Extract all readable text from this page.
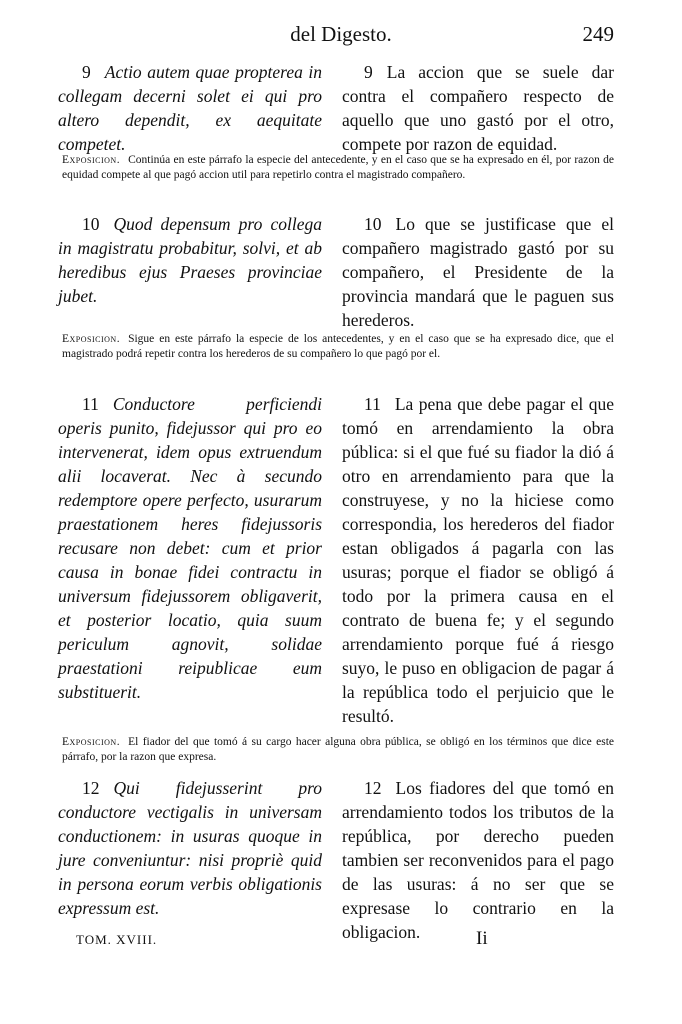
del Digesto.	249
9 Actio autem quae propterea in collegam decerni solet ei qui pro altero dependit, ex aequitate competet.
9 La accion que se suele dar contra el compañero respecto de aquello que uno gastó por el otro, compete por razon de equidad.
Exposicion. Continúa en este párrafo la especie del antecedente, y en el caso que se ha expresado en él, por razon de equidad compete al que pagó accion util para repetirlo contra el magistrado compañero.
10 Quod depensum pro collega in magistratu probabitur, solvi, et ab heredibus ejus Praeses provinciae jubet.
10 Lo que se justificase que el compañero magistrado gastó por su compañero, el Presidente de la provincia mandará que le paguen sus herederos.
Exposicion. Sigue en este párrafo la especie de los antecedentes, y en el caso que se ha expresado dice, que el magistrado podrá repetir contra los herederos de su compañero lo que pagó por el.
11 Conductore perficiendi operis punito, fidejussor qui pro eo intervenerat, idem opus extruendum alii locaverat. Nec à secundo redemptore opere perfecto, usurarum praestationem heres fidejussoris recusare non debet: cum et prior causa in bonae fidei contractu in universum fidejussorem obligaverit, et posterior locatio, quia suum periculum agnovit, solidae praestationi reipublicae eum substituerit.
11 La pena que debe pagar el que tomó en arrendamiento la obra pública: si el que fué su fiador la dió á otro en arrendamiento para que la construyese, y no la hiciese como correspondia, los herederos del fiador estan obligados á pagarla con las usuras; porque el fiador se obligó á todo por la primera causa en el contrato de buena fe; y el segundo arrendamiento porque fué á riesgo suyo, le puso en obligacion de pagar á la república todo el perjuicio que le resultó.
Exposicion. El fiador del que tomó á su cargo hacer alguna obra pública, se obligó en los términos que dice este párrafo, por la razon que expresa.
12 Qui fidejusserint pro conductore vectigalis in universam conductionem: in usuras quoque in jure conveniuntur: nisi propriè quid in persona eorum verbis obligationis expressum est.
12 Los fiadores del que tomó en arrendamiento todos los tributos de la república, por derecho pueden tambien ser reconvenidos para el pago de las usuras: á no ser que se expresase lo contrario en la obligacion.
TOM. XVIII.	Ii
